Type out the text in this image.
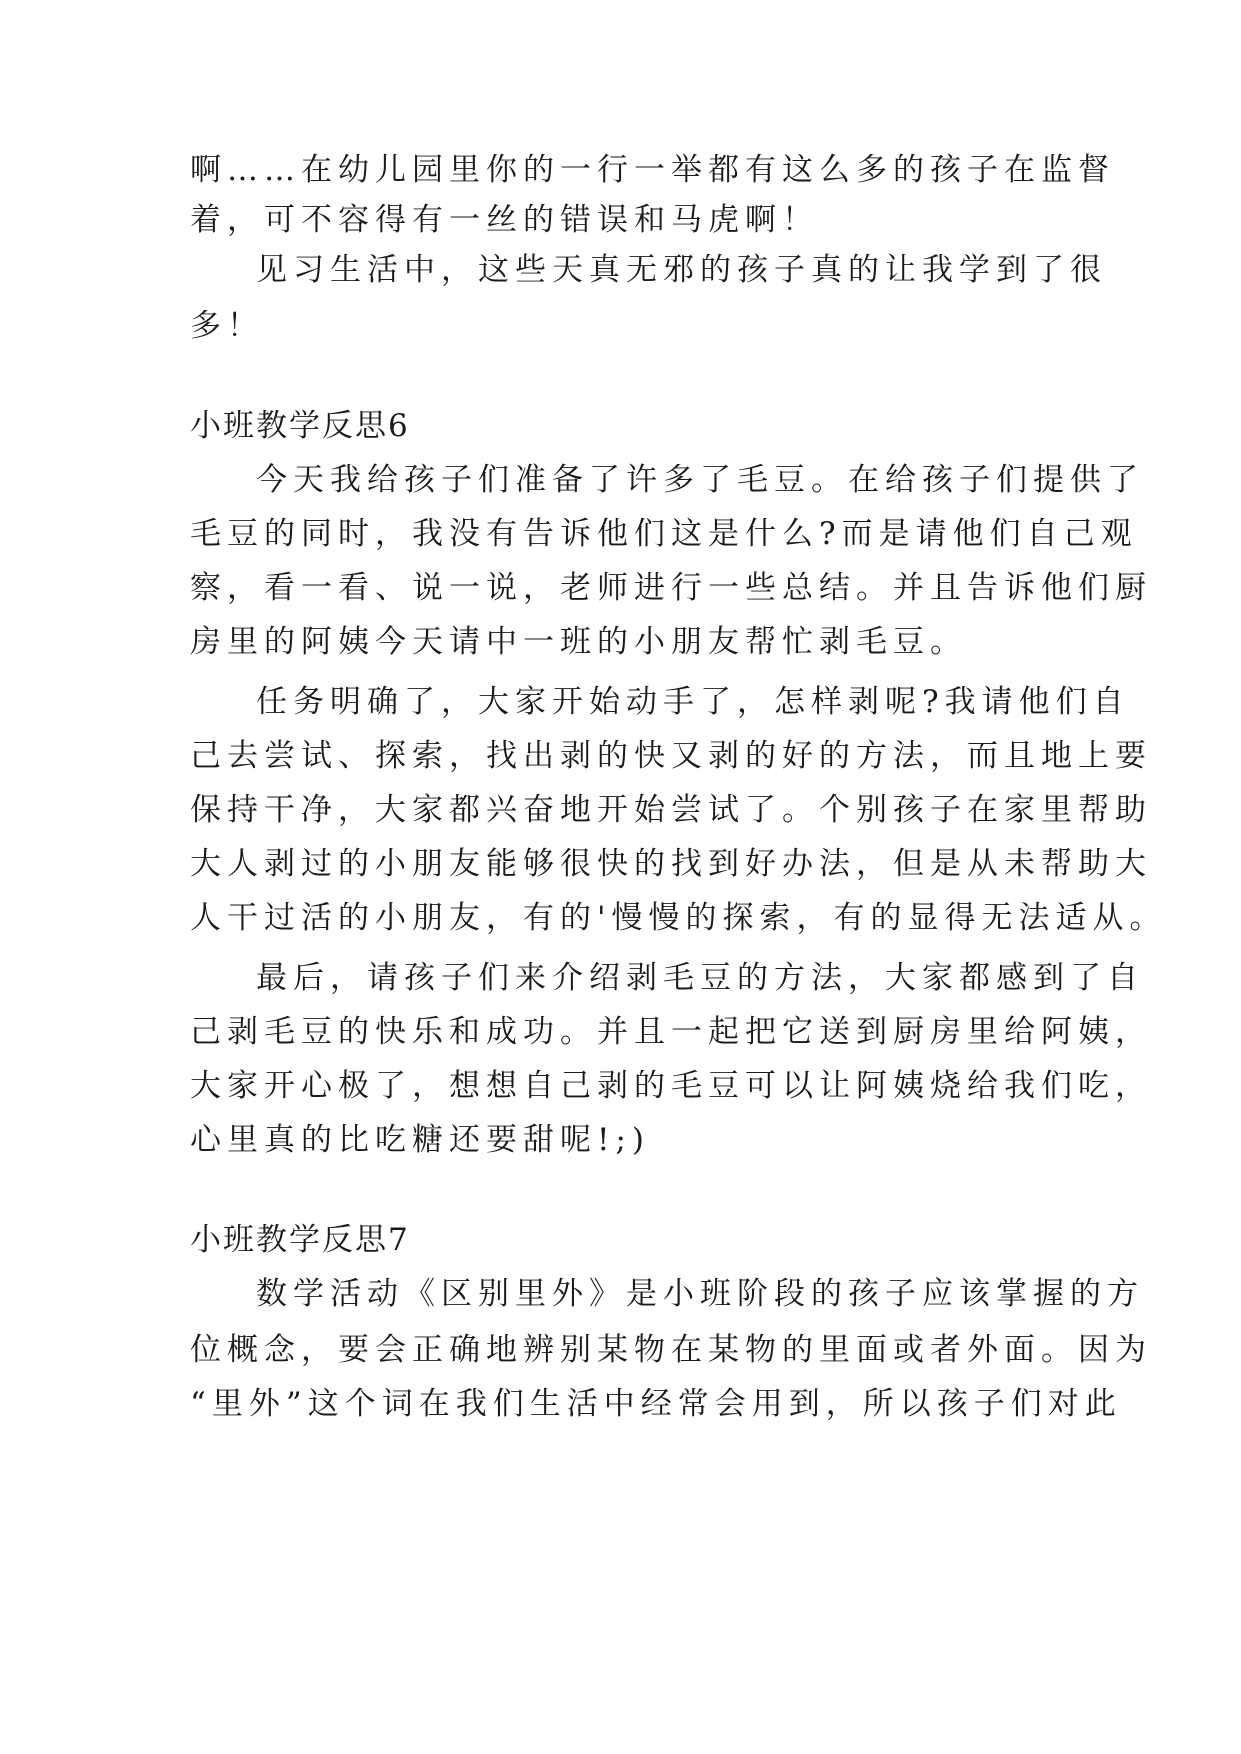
啊……在幼儿园里你的一行一举都有这么多的孩子在监督
着，可不容得有一丝的错误和马虎啊！
见习生活中，这些天真无邪的孩子真的让我学到了很
多！
小班教学反思6
今天我给孩子们准备了许多了毛豆。在给孩子们提供了
毛豆的同时，我没有告诉他们这是什么?而是请他们自己观
察，看一看、说一说，老师进行一些总结。并且告诉他们厨
房里的阿姨今天请中一班的小朋友帮忙剥毛豆。
任务明确了，大家开始动手了，怎样剥呢?我请他们自
己去尝试、探索，找出剥的快又剥的好的方法，而且地上要
保持干净，大家都兴奋地开始尝试了。个别孩子在家里帮助
大人剥过的小朋友能够很快的找到好办法，但是从未帮助大
人干过活的小朋友，有的'慢慢的探索，有的显得无法适从。
最后，请孩子们来介绍剥毛豆的方法，大家都感到了自
己剥毛豆的快乐和成功。并且一起把它送到厨房里给阿姨，
大家开心极了，想想自己剥的毛豆可以让阿姨烧给我们吃，
心里真的比吃糖还要甜呢!;)
小班教学反思7
数学活动《区别里外》是小班阶段的孩子应该掌握的方
位概念，要会正确地辨别某物在某物的里面或者外面。因为
“里外”这个词在我们生活中经常会用到，所以孩子们对此
